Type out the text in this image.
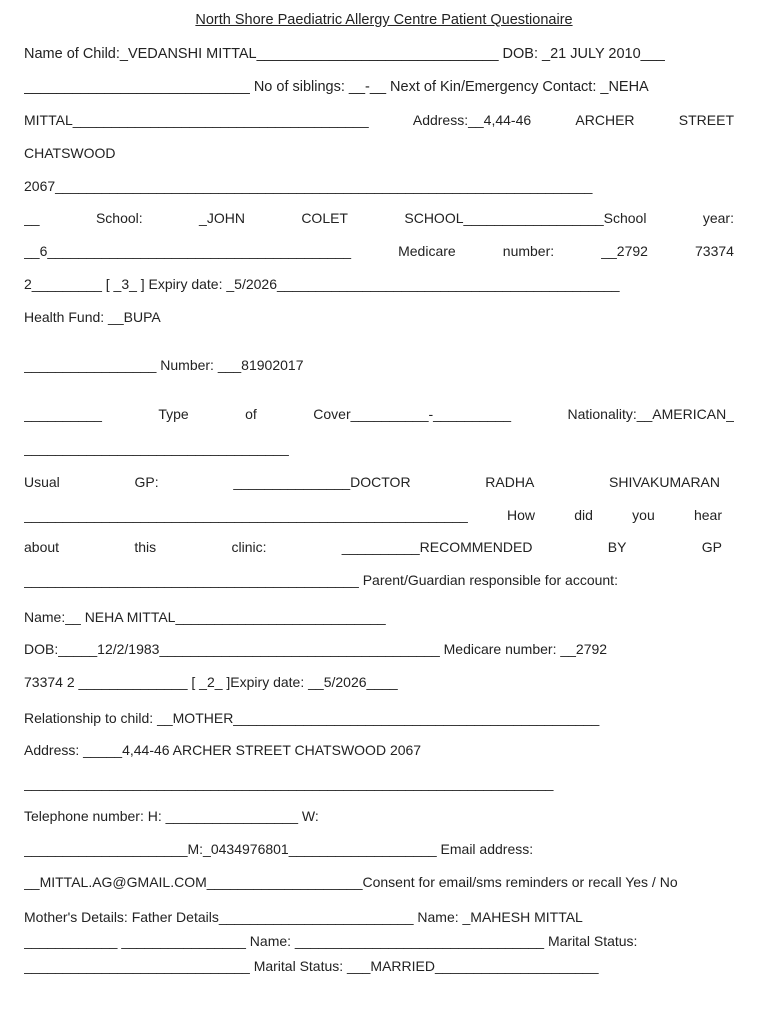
North Shore Paediatric Allergy Centre Patient Questionaire
Name of Child:_VEDANSHI MITTAL______________________________ DOB: _21 JULY 2010___
____________________________ No of siblings: __-__ Next of Kin/Emergency Contact: _NEHA
MITTAL______________________________________	Address:__4,44-46	ARCHER	STREET
CHATSWOOD
2067_____________________________________________________________________
__	School:	_JOHN	COLET	SCHOOL__________________School	year:
__6_______________________________________	Medicare	number:	__2792	73374
2_________ [ _3_ ] Expiry date: _5/2026____________________________________________
Health Fund: __BUPA
_________________ Number: ___81902017
__________	Type	of	Cover__________-__________	Nationality:__AMERICAN_
__________________________________
Usual	GP:	_______________DOCTOR	RADHA	SHIVAKUMARAN
_________________________________________________________	How	did	you	hear
about	this	clinic:	__________RECOMMENDED	BY	GP
___________________________________________ Parent/Guardian responsible for account:
Name:__ NEHA MITTAL___________________________
DOB:_____12/2/1983____________________________________ Medicare number: __2792
73374 2 ______________ [ _2_ ]Expiry date: __5/2026____
Relationship to child: __MOTHER_______________________________________________
Address: _____4,44-46 ARCHER STREET CHATSWOOD 2067
____________________________________________________________________
Telephone number: H: _________________ W:
_____________________M:_0434976801___________________ Email address:
__MITTAL.AG@GMAIL.COM____________________Consent for email/sms reminders or recall Yes / No
Mother's Details: Father Details_________________________ Name: _MAHESH MITTAL
____________ ________________ Name: ________________________________ Marital Status:
_____________________________ Marital Status: ___MARRIED_____________________
